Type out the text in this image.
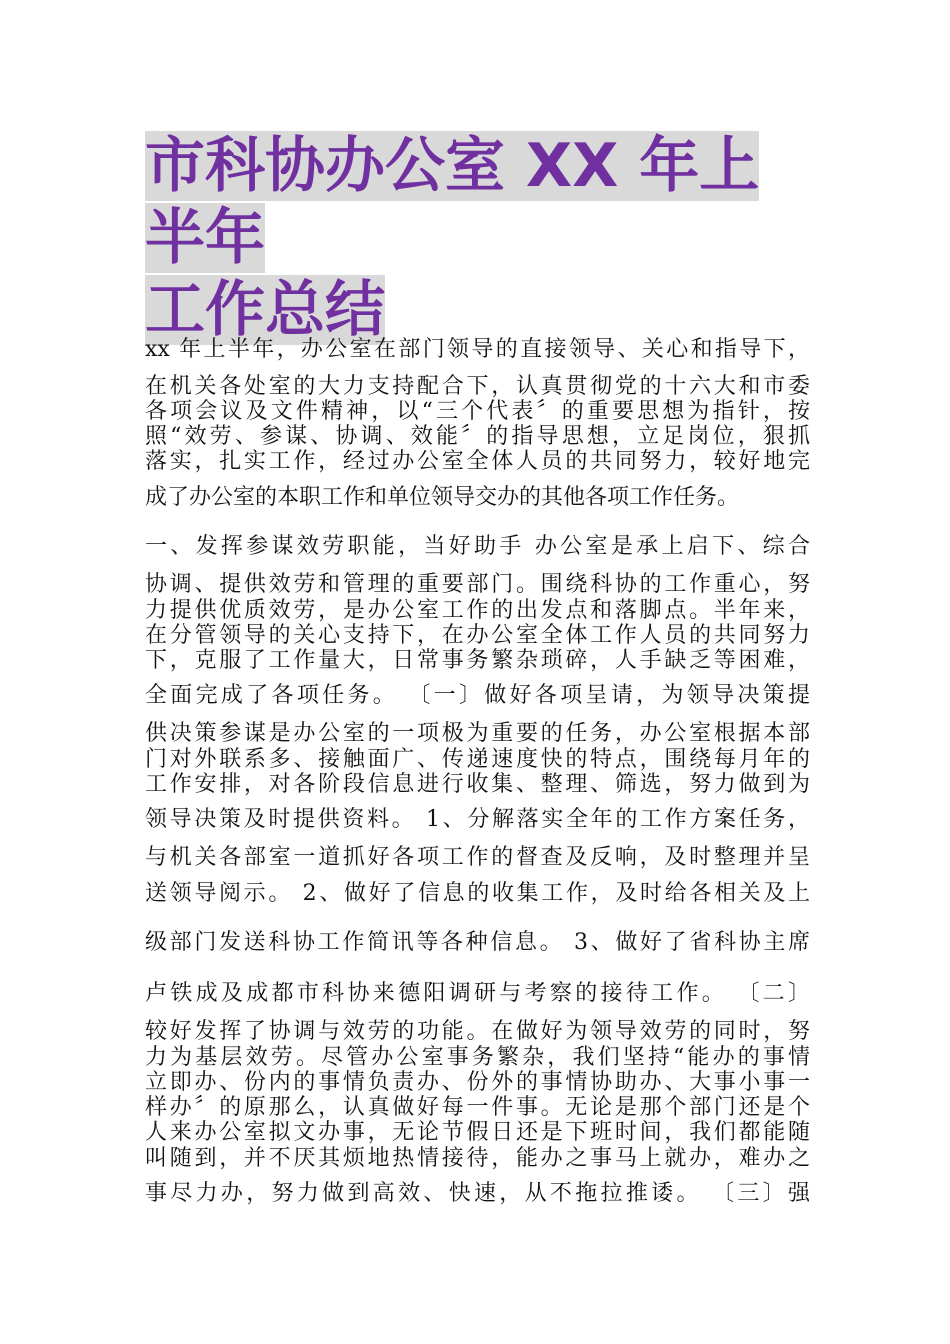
市科协办公室 XX 年上半年
工作总结
xx 年上半年，办公室在部门领导的直接领导、关心和指导下，
在机关各处室的大力支持配合下，认真贯彻党的十六大和市委
各项会议及文件精神，以“三个代表〞的重要思想为指针，按
照“效劳、参谋、协调、效能〞的指导思想，立足岗位，狠抓
落实，扎实工作，经过办公室全体人员的共同努力，较好地完
成了办公室的本职工作和单位领导交办的其他各项工作任务。
一、发挥参谋效劳职能，当好助手 办公室是承上启下、综合
协调、提供效劳和管理的重要部门。围绕科协的工作重心，努
力提供优质效劳，是办公室工作的出发点和落脚点。半年来，
在分管领导的关心支持下，在办公室全体工作人员的共同努力
下，克服了工作量大，日常事务繁杂琐碎，人手缺乏等困难，
全面完成了各项任务。 〔一〕做好各项呈请，为领导决策提
供决策参谋是办公室的一项极为重要的任务，办公室根据本部
门对外联系多、接触面广、传递速度快的特点，围绕每月年的
工作安排，对各阶段信息进行收集、整理、筛选，努力做到为
领导决策及时提供资料。 1、分解落实全年的工作方案任务，
与机关各部室一道抓好各项工作的督查及反响，及时整理并呈
送领导阅示。 2、做好了信息的收集工作，及时给各相关及上
级部门发送科协工作简讯等各种信息。 3、做好了省科协主席
卢铁成及成都市科协来德阳调研与考察的接待工作。 〔二〕
较好发挥了协调与效劳的功能。在做好为领导效劳的同时，努
力为基层效劳。尽管办公室事务繁杂，我们坚持“能办的事情
立即办、份内的事情负责办、份外的事情协助办、大事小事一
样办〞的原那么，认真做好每一件事。无论是那个部门还是个
人来办公室拟文办事，无论节假日还是下班时间，我们都能随
叫随到，并不厌其烦地热情接待，能办之事马上就办，难办之
事尽力办，努力做到高效、快速，从不拖拉推诿。 〔三〕强
